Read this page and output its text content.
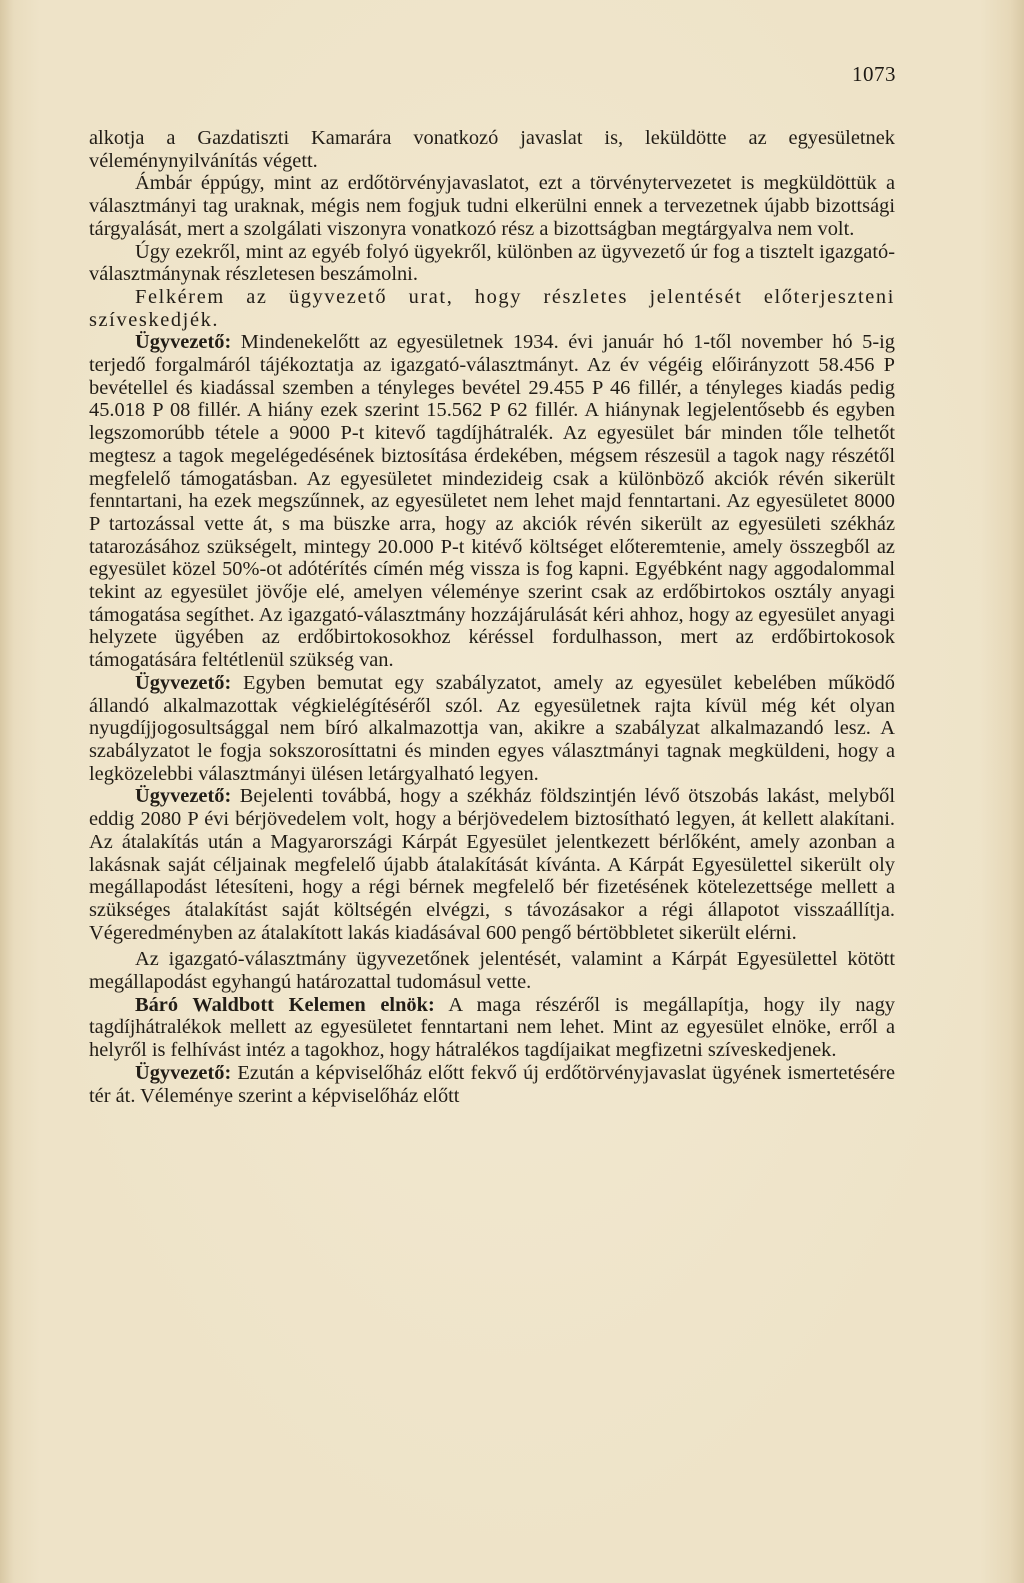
1073

alkotja a Gazdatiszti Kamarára vonatkozó javaslat is, leküldötte az egyesületnek véleménynyilvánítás végett.

Ámbár éppúgy, mint az erdőtörvényjavaslatot, ezt a törvénytervezetet is megküldöttük a választmányi tag uraknak, mégis nem fogjuk tudni elkerülni ennek a tervezetnek újabb bizottsági tárgyalását, mert a szolgálati viszonyra vonatkozó rész a bizottságban megtárgyalva nem volt.

Úgy ezekről, mint az egyéb folyó ügyekről, különben az ügyvezető úr fog a tisztelt igazgató-választmánynak részletesen beszámolni.

Felkérem az ügyvezető urat, hogy részletes jelentését előterjeszteni szíveskedjék.

Ügyvezető: Mindenekelőtt az egyesületnek 1934. évi január hó 1-től november hó 5-ig terjedő forgalmáról tájékoztatja az igazgató-választmányt. Az év végéig előirányzott 58.456 P bevétellel és kiadással szemben a tényleges bevétel 29.455 P 46 fillér, a tényleges kiadás pedig 45.018 P 08 fillér. A hiány ezek szerint 15.562 P 62 fillér. A hiánynak legjelentősebb és egyben legszomorúbb tétele a 9000 P-t kitevő tagdíjhátralék. Az egyesület bár minden tőle telhetőt megtesz a tagok megelégedésének biztosítása érdekében, mégsem részesül a tagok nagy részétől megfelelő támogatásban. Az egyesületet mindezideig csak a különböző akciók révén sikerült fenntartani, ha ezek megszűnnek, az egyesületet nem lehet majd fenntartani. Az egyesületet 8000 P tartozással vette át, s ma büszke arra, hogy az akciók révén sikerült az egyesületi székház tatarozásához szükségelt, mintegy 20.000 P-t kitévő költséget előteremtenie, amely összegből az egyesület közel 50%-ot adótérítés címén még vissza is fog kapni. Egyébként nagy aggodalommal tekint az egyesület jövője elé, amelyen véleménye szerint csak az erdőbirtokos osztály anyagi támogatása segíthet. Az igazgató-választmány hozzájárulását kéri ahhoz, hogy az egyesület anyagi helyzete ügyében az erdőbirtokosokhoz kéréssel fordulhasson, mert az erdőbirtokosok támogatására feltétlenül szükség van.

Ügyvezető: Egyben bemutat egy szabályzatot, amely az egyesület kebelében működő állandó alkalmazottak végkielégítéséről szól. Az egyesületnek rajta kívül még két olyan nyugdíjjogosultsággal nem bíró alkalmazottja van, akikre a szabályzat alkalmazandó lesz. A szabályzatot le fogja sokszorosíttatni és minden egyes választmányi tagnak megküldeni, hogy a legközelebbi választmányi ülésen letárgyalható legyen.

Ügyvezető: Bejelenti továbbá, hogy a székház földszintjén lévő ötszobás lakást, melyből eddig 2080 P évi bérjövedelem volt, hogy a bérjövedelem biztosítható legyen, át kellett alakítani. Az átalakítás után a Magyarországi Kárpát Egyesület jelentkezett bérlőként, amely azonban a lakásnak saját céljainak megfelelő újabb átalakítását kívánta. A Kárpát Egyesülettel sikerült oly megállapodást létesíteni, hogy a régi bérnek megfelelő bér fizetésének kötelezettsége mellett a szükséges átalakítást saját költségén elvégzi, s távozásakor a régi állapotot visszaállítja. Végeredményben az átalakított lakás kiadásával 600 pengő bértöbbletet sikerült elérni.

Az igazgató-választmány ügyvezetőnek jelentését, valamint a Kárpát Egyesülettel kötött megállapodást egyhangú határozattal tudomásul vette.

Báró Waldbott Kelemen elnök: A maga részéről is megállapítja, hogy ily nagy tagdíjhátralékok mellett az egyesületet fenntartani nem lehet. Mint az egyesület elnöke, erről a helyről is felhívást intéz a tagokhoz, hogy hátralékos tagdíjaikat megfizetni szíveskedjenek.

Ügyvezető: Ezután a képviselőház előtt fekvő új erdőtörvényjavaslat ügyének ismertetésére tér át. Véleménye szerint a képviselőház előtt
